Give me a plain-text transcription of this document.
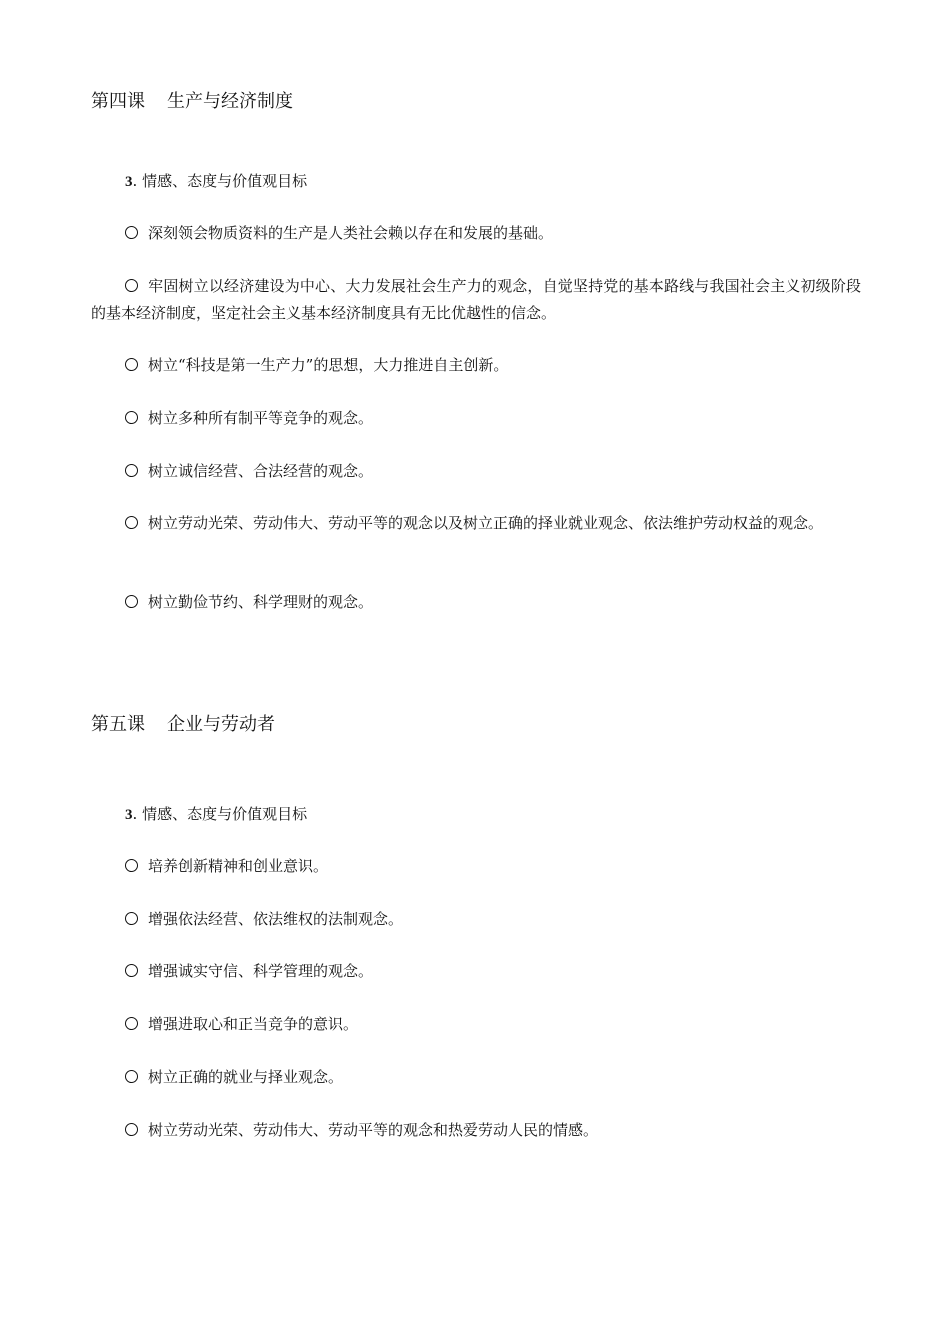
第四课 生产与经济制度
3. 情感、态度与价值观目标
深刻领会物质资料的生产是人类社会赖以存在和发展的基础。
牢固树立以经济建设为中心、大力发展社会生产力的观念，自觉坚持党的基本路线与我国社会主义初级阶段的基本经济制度，坚定社会主义基本经济制度具有无比优越性的信念。
树立“科技是第一生产力”的思想，大力推进自主创新。
树立多种所有制平等竞争的观念。
树立诚信经营、合法经营的观念。
树立劳动光荣、劳动伟大、劳动平等的观念以及树立正确的择业就业观念、依法维护劳动权益的观念。
树立勤俭节约、科学理财的观念。
第五课 企业与劳动者
3. 情感、态度与价值观目标
培养创新精神和创业意识。
增强依法经营、依法维权的法制观念。
增强诚实守信、科学管理的观念。
增强进取心和正当竞争的意识。
树立正确的就业与择业观念。
树立劳动光荣、劳动伟大、劳动平等的观念和热爱劳动人民的情感。
